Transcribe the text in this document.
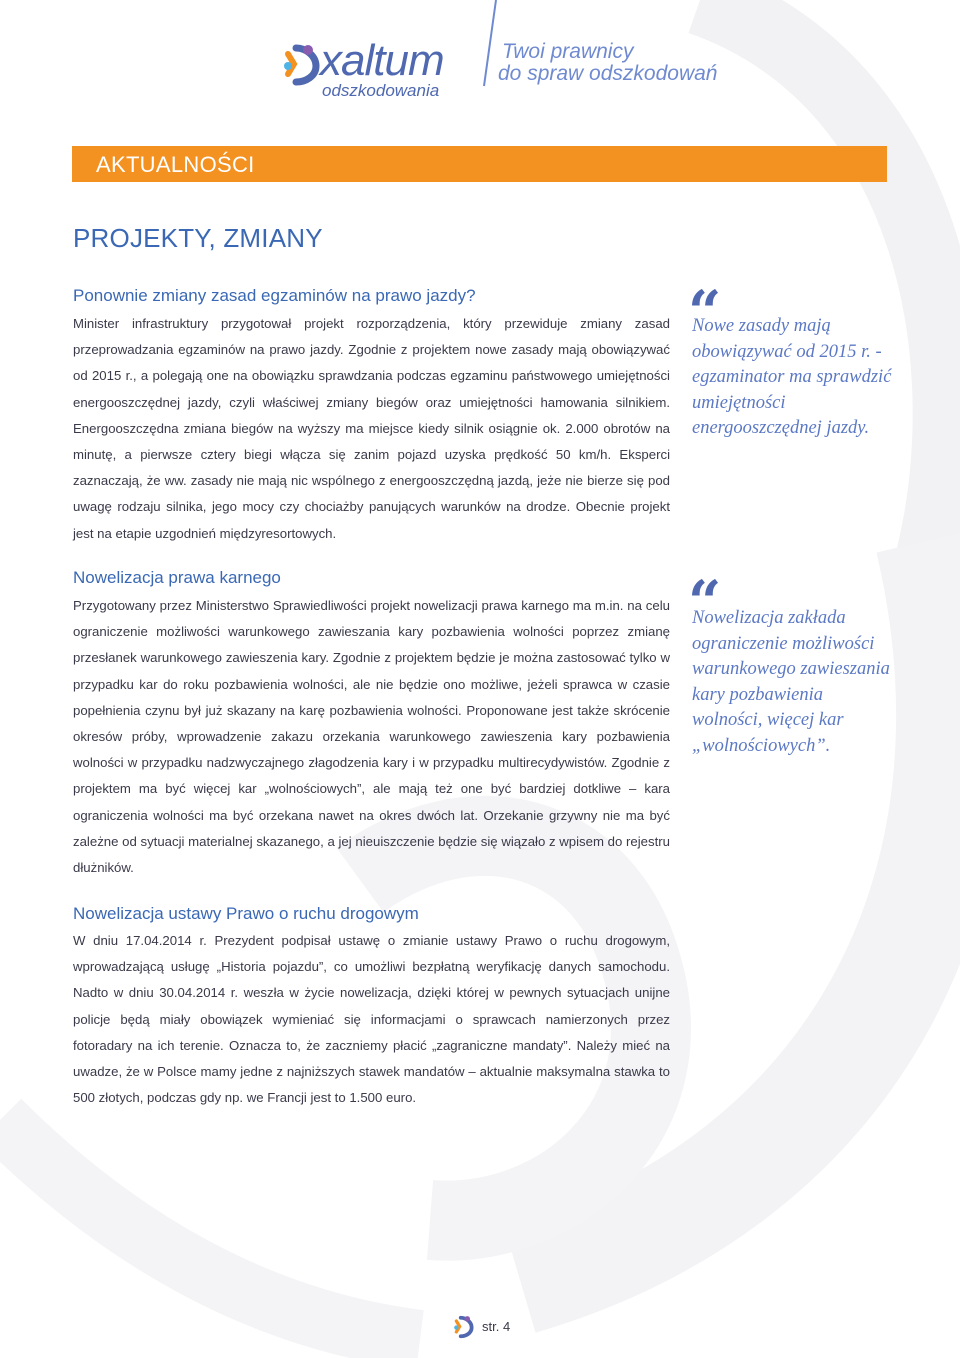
xaltum
odszkodowania
Twoi prawnicy
do spraw odszkodowań
AKTUALNOŚCI
PROJEKTY, ZMIANY
Ponownie zmiany zasad egzaminów na prawo jazdy?
Minister infrastruktury przygotował projekt rozporządzenia, który przewiduje zmiany zasad przeprowadzania egzaminów na prawo jazdy. Zgodnie z projektem nowe zasady mają obowiązywać od 2015 r., a polegają one na obowiązku sprawdzania podczas egzaminu państwowego umiejętności energooszczędnej jazdy, czyli właściwej zmiany biegów oraz umiejętności hamowania silnikiem. Energooszczędna zmiana biegów na wyższy ma miejsce kiedy silnik osiągnie ok. 2.000 obrotów na minutę, a pierwsze cztery biegi włącza się zanim pojazd uzyska prędkość 50 km/h. Eksperci zaznaczają, że ww. zasady nie mają nic wspólnego z energooszczędną jazdą, jeże nie bierze się pod uwagę rodzaju silnika, jego mocy czy chociażby panujących warunków na drodze. Obecnie projekt jest na etapie uzgodnień międzyresortowych.
“
Nowe zasady mają obowiązywać od 2015 r. - egzaminator ma sprawdzić umiejętności energooszczędnej jazdy.
Nowelizacja prawa karnego
Przygotowany przez Ministerstwo Sprawiedliwości projekt nowelizacji prawa karnego ma m.in. na celu ograniczenie możliwości warunkowego zawieszania kary pozbawienia wolności poprzez zmianę przesłanek warunkowego zawieszenia kary. Zgodnie z projektem będzie je można zastosować tylko w przypadku kar do roku pozbawienia wolności, ale nie będzie ono możliwe, jeżeli sprawca w czasie popełnienia czynu był już skazany na karę pozbawienia wolności. Proponowane jest także skrócenie okresów próby, wprowadzenie zakazu orzekania warunkowego zawieszenia kary pozbawienia wolności w przypadku nadzwyczajnego złagodzenia kary i w przypadku multirecydywistów. Zgodnie z projektem ma być więcej kar „wolnościowych”, ale mają też one być bardziej dotkliwe – kara ograniczenia wolności ma być orzekana nawet na okres dwóch lat. Orzekanie grzywny nie ma być zależne od sytuacji materialnej skazanego, a jej nieuiszczenie będzie się wiązało z wpisem do rejestru dłużników.
“
Nowelizacja zakłada ograniczenie możliwości warunkowego zawieszania kary pozbawienia wolności, więcej kar „wolnościowych”.
Nowelizacja ustawy Prawo o ruchu drogowym
W dniu 17.04.2014 r. Prezydent podpisał ustawę o zmianie ustawy Prawo o ruchu drogowym, wprowadzającą usługę „Historia pojazdu”, co umożliwi bezpłatną weryfikację danych samochodu. Nadto w dniu 30.04.2014 r. weszła w życie nowelizacja, dzięki której w pewnych sytuacjach unijne policje będą miały obowiązek wymieniać się informacjami o sprawcach namierzonych przez fotoradary na ich terenie. Oznacza to, że zaczniemy płacić „zagraniczne mandaty”. Należy mieć na uwadze, że w Polsce mamy jedne z najniższych stawek mandatów – aktualnie maksymalna stawka to 500 złotych, podczas gdy np. we Francji jest to 1.500 euro.
str. 4
